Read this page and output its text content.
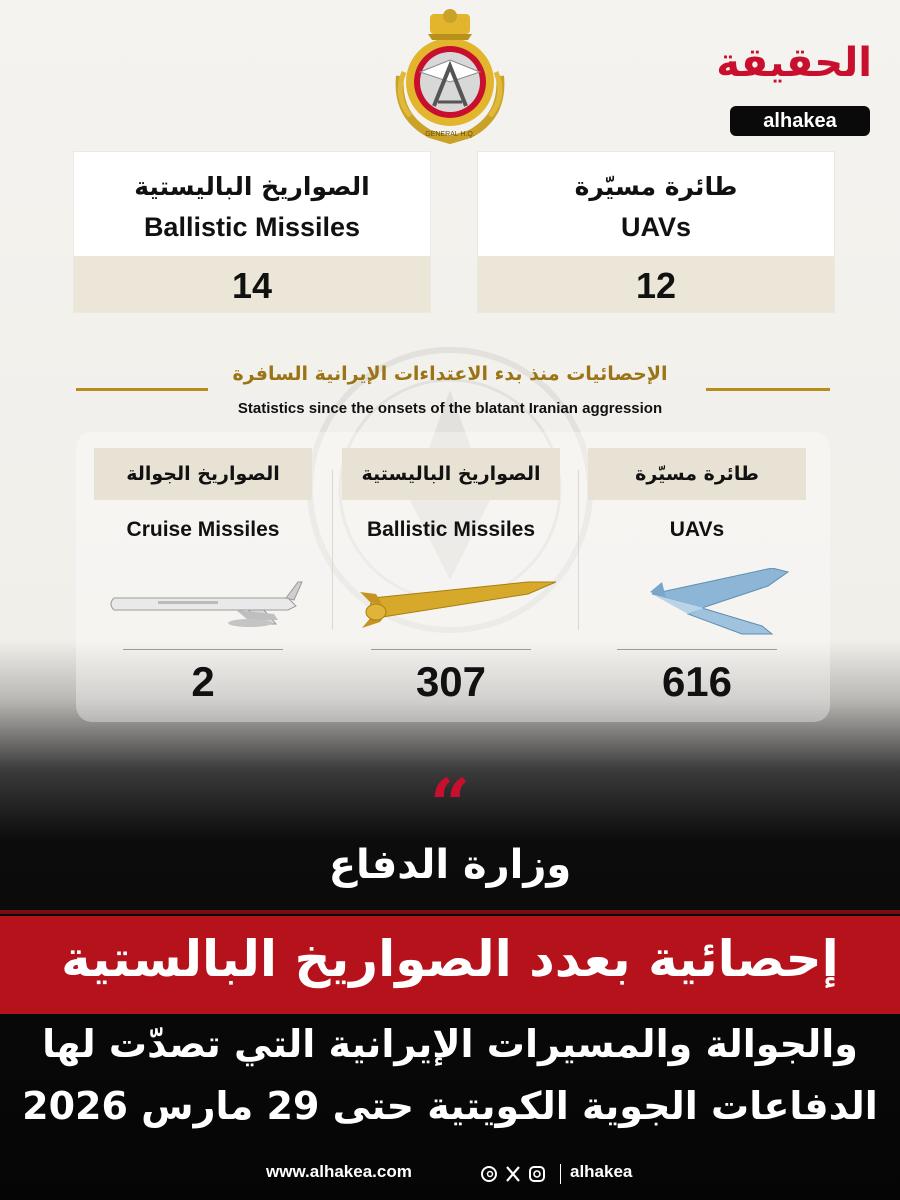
GENERAL H.Q.
الحقيقة
alhakea
الصواريخ الباليستية
Ballistic Missiles
14
طائرة مسيّرة
UAVs
12
الإحصائيات منذ بدء الاعتداءات الإيرانية السافرة
Statistics since the onsets of the blatant Iranian aggression
الصواريخ الجوالة
Cruise Missiles
2
الصواريخ الباليستية
Ballistic Missiles
307
طائرة مسيّرة
UAVs
616
“
وزارة الدفاع
إحصائية بعدد الصواريخ البالستية
والجوالة والمسيرات الإيرانية التي تصدّت لها
الدفاعات الجوية الكويتية حتى 29 مارس 2026
www.alhakea.com	alhakea
